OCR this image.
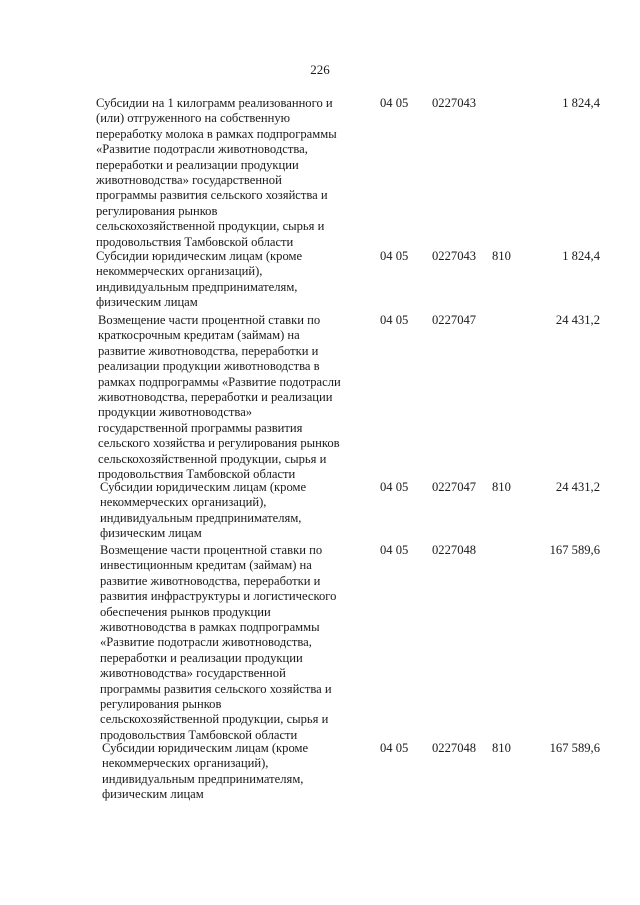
226
Субсидии на 1 килограмм реализованного и
(или) отгруженного на собственную
переработку молока в рамках подпрограммы
«Развитие подотрасли животноводства,
переработки и реализации продукции
животноводства» государственной
программы развития сельского хозяйства и
регулирования рынков
сельскохозяйственной продукции, сырья и
продовольствия Тамбовской области
04 05 0227043	1 824,4
Субсидии юридическим лицам (кроме
некоммерческих организаций),
индивидуальным предпринимателям,
физическим лицам
04 05 0227043 810	1 824,4
Возмещение части процентной ставки по
краткосрочным кредитам (займам) на
развитие животноводства, переработки и
реализации продукции животноводства в
рамках подпрограммы «Развитие подотрасли
животноводства, переработки и реализации
продукции животноводства»
государственной программы развития
сельского хозяйства и регулирования рынков
сельскохозяйственной продукции, сырья и
продовольствия Тамбовской области
04 05 0227047	24 431,2
Субсидии юридическим лицам (кроме
некоммерческих организаций),
индивидуальным предпринимателям,
физическим лицам
04 05 0227047 810	24 431,2
Возмещение части процентной ставки по
инвестиционным кредитам (займам) на
развитие животноводства, переработки и
развития инфраструктуры и логистического
обеспечения рынков продукции
животноводства в рамках подпрограммы
«Развитие подотрасли животноводства,
переработки и реализации продукции
животноводства» государственной
программы развития сельского хозяйства и
регулирования рынков
сельскохозяйственной продукции, сырья и
продовольствия Тамбовской области
04 05 0227048	167 589,6
Субсидии юридическим лицам (кроме
некоммерческих организаций),
индивидуальным предпринимателям,
физическим лицам
04 05 0227048 810	167 589,6
